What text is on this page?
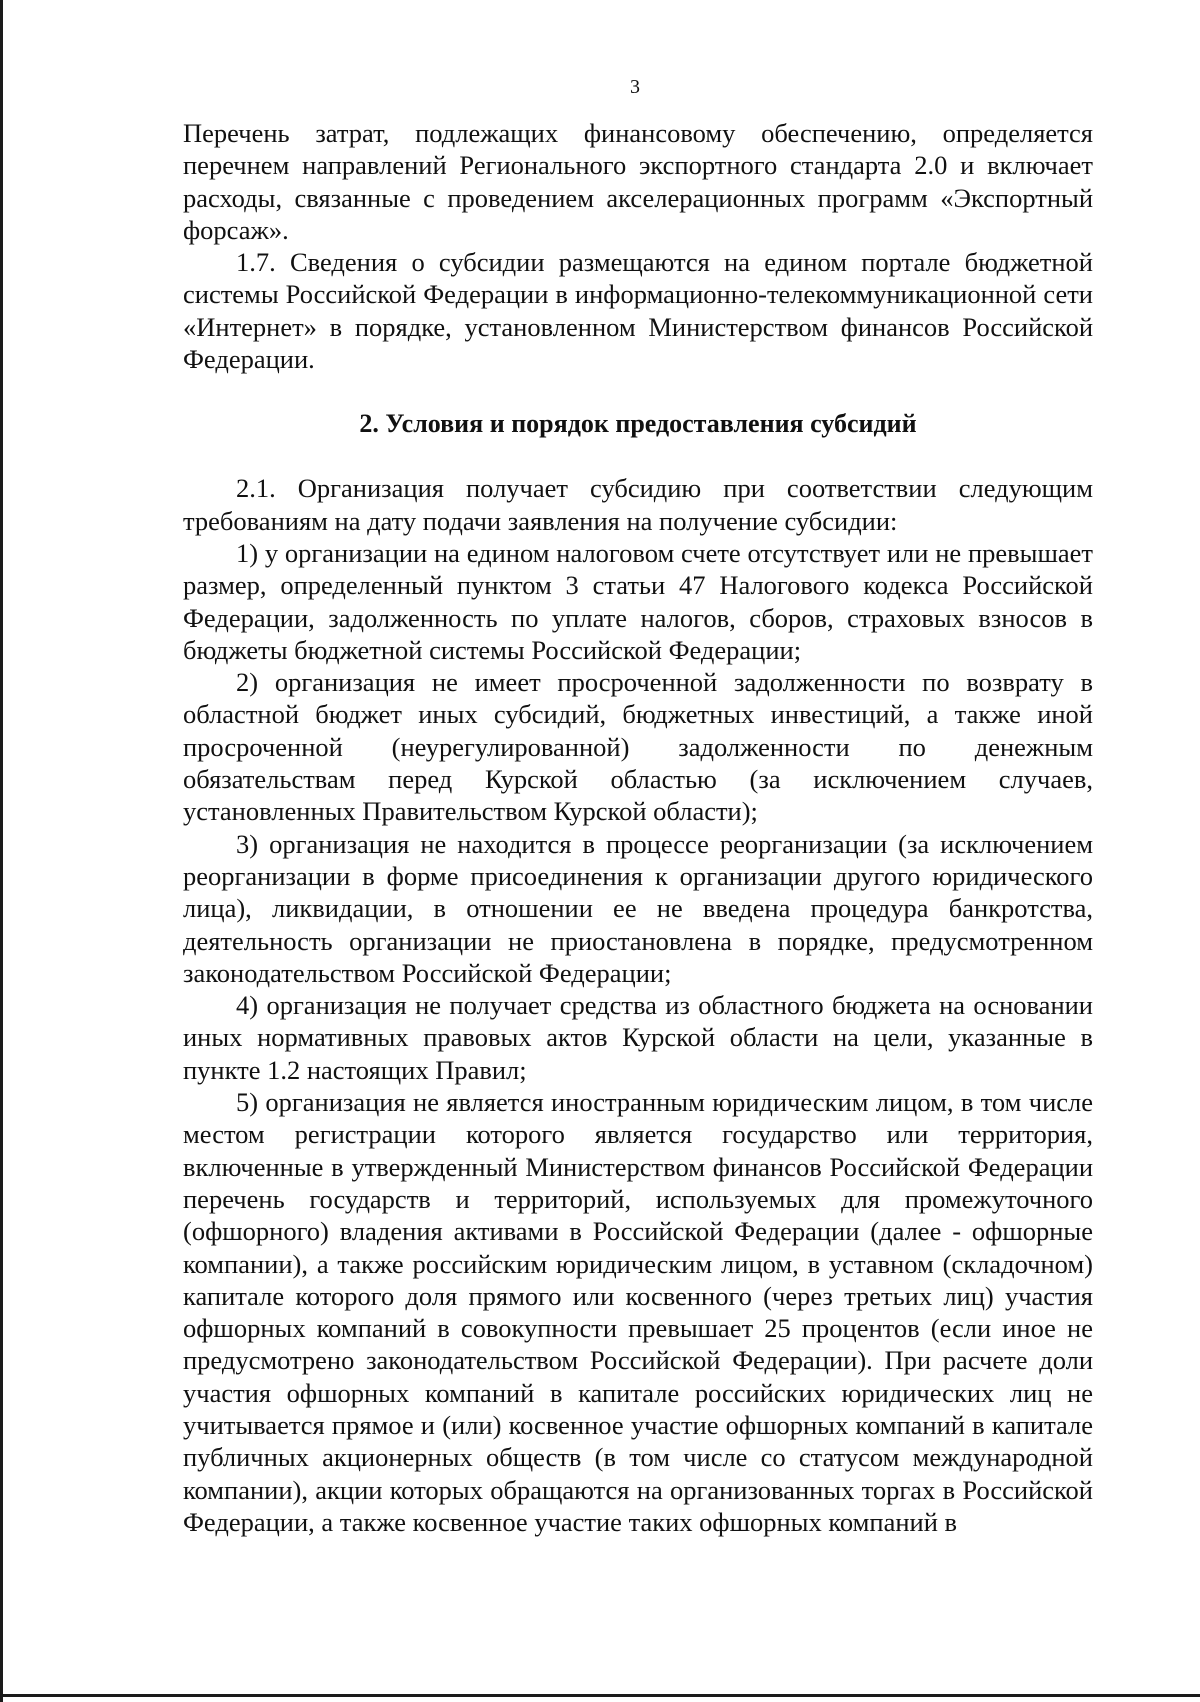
3

Перечень затрат, подлежащих финансовому обеспечению, определяется перечнем направлений Регионального экспортного стандарта 2.0 и включает расходы, связанные с проведением акселерационных программ «Экспортный форсаж».

1.7. Сведения о субсидии размещаются на едином портале бюджетной системы Российской Федерации в информационно-телекоммуникационной сети «Интернет» в порядке, установленном Министерством финансов Российской Федерации.

2. Условия и порядок предоставления субсидий

2.1. Организация получает субсидию при соответствии следующим требованиям на дату подачи заявления на получение субсидии:

1) у организации на едином налоговом счете отсутствует или не превышает размер, определенный пунктом 3 статьи 47 Налогового кодекса Российской Федерации, задолженность по уплате налогов, сборов, страховых взносов в бюджеты бюджетной системы Российской Федерации;

2) организация не имеет просроченной задолженности по возврату в областной бюджет иных субсидий, бюджетных инвестиций, а также иной просроченной (неурегулированной) задолженности по денежным обязательствам перед Курской областью (за исключением случаев, установленных Правительством Курской области);

3) организация не находится в процессе реорганизации (за исключением реорганизации в форме присоединения к организации другого юридического лица), ликвидации, в отношении ее не введена процедура банкротства, деятельность организации не приостановлена в порядке, предусмотренном законодательством Российской Федерации;

4) организация не получает средства из областного бюджета на основании иных нормативных правовых актов Курской области на цели, указанные в пункте 1.2 настоящих Правил;

5) организация не является иностранным юридическим лицом, в том числе местом регистрации которого является государство или территория, включенные в утвержденный Министерством финансов Российской Федерации перечень государств и территорий, используемых для промежуточного (офшорного) владения активами в Российской Федерации (далее - офшорные компании), а также российским юридическим лицом, в уставном (складочном) капитале которого доля прямого или косвенного (через третьих лиц) участия офшорных компаний в совокупности превышает 25 процентов (если иное не предусмотрено законодательством Российской Федерации). При расчете доли участия офшорных компаний в капитале российских юридических лиц не учитывается прямое и (или) косвенное участие офшорных компаний в капитале публичных акционерных обществ (в том числе со статусом международной компании), акции которых обращаются на организованных торгах в Российской Федерации, а также косвенное участие таких офшорных компаний в
